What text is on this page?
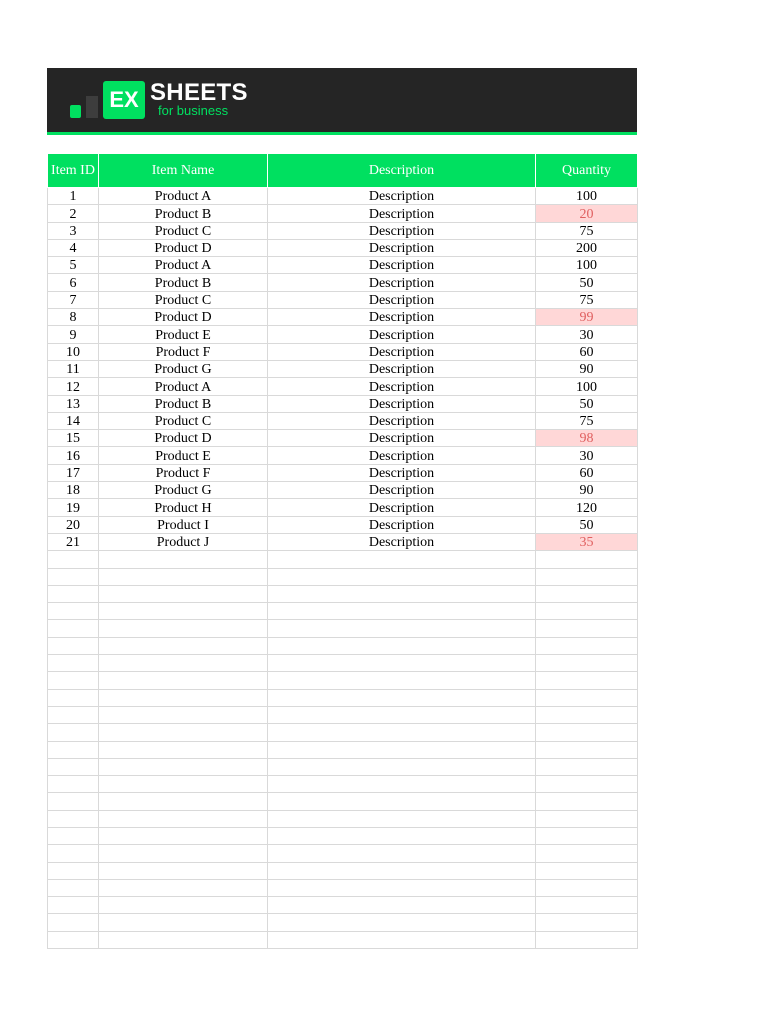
EX SHEETS
for business
Item ID	Item Name	Description	Quantity
1	Product A	Description	100
2	Product B	Description	20
3	Product C	Description	75
4	Product D	Description	200
5	Product A	Description	100
6	Product B	Description	50
7	Product C	Description	75
8	Product D	Description	99
9	Product E	Description	30
10	Product F	Description	60
11	Product G	Description	90
12	Product A	Description	100
13	Product B	Description	50
14	Product C	Description	75
15	Product D	Description	98
16	Product E	Description	30
17	Product F	Description	60
18	Product G	Description	90
19	Product H	Description	120
20	Product I	Description	50
21	Product J	Description	35
